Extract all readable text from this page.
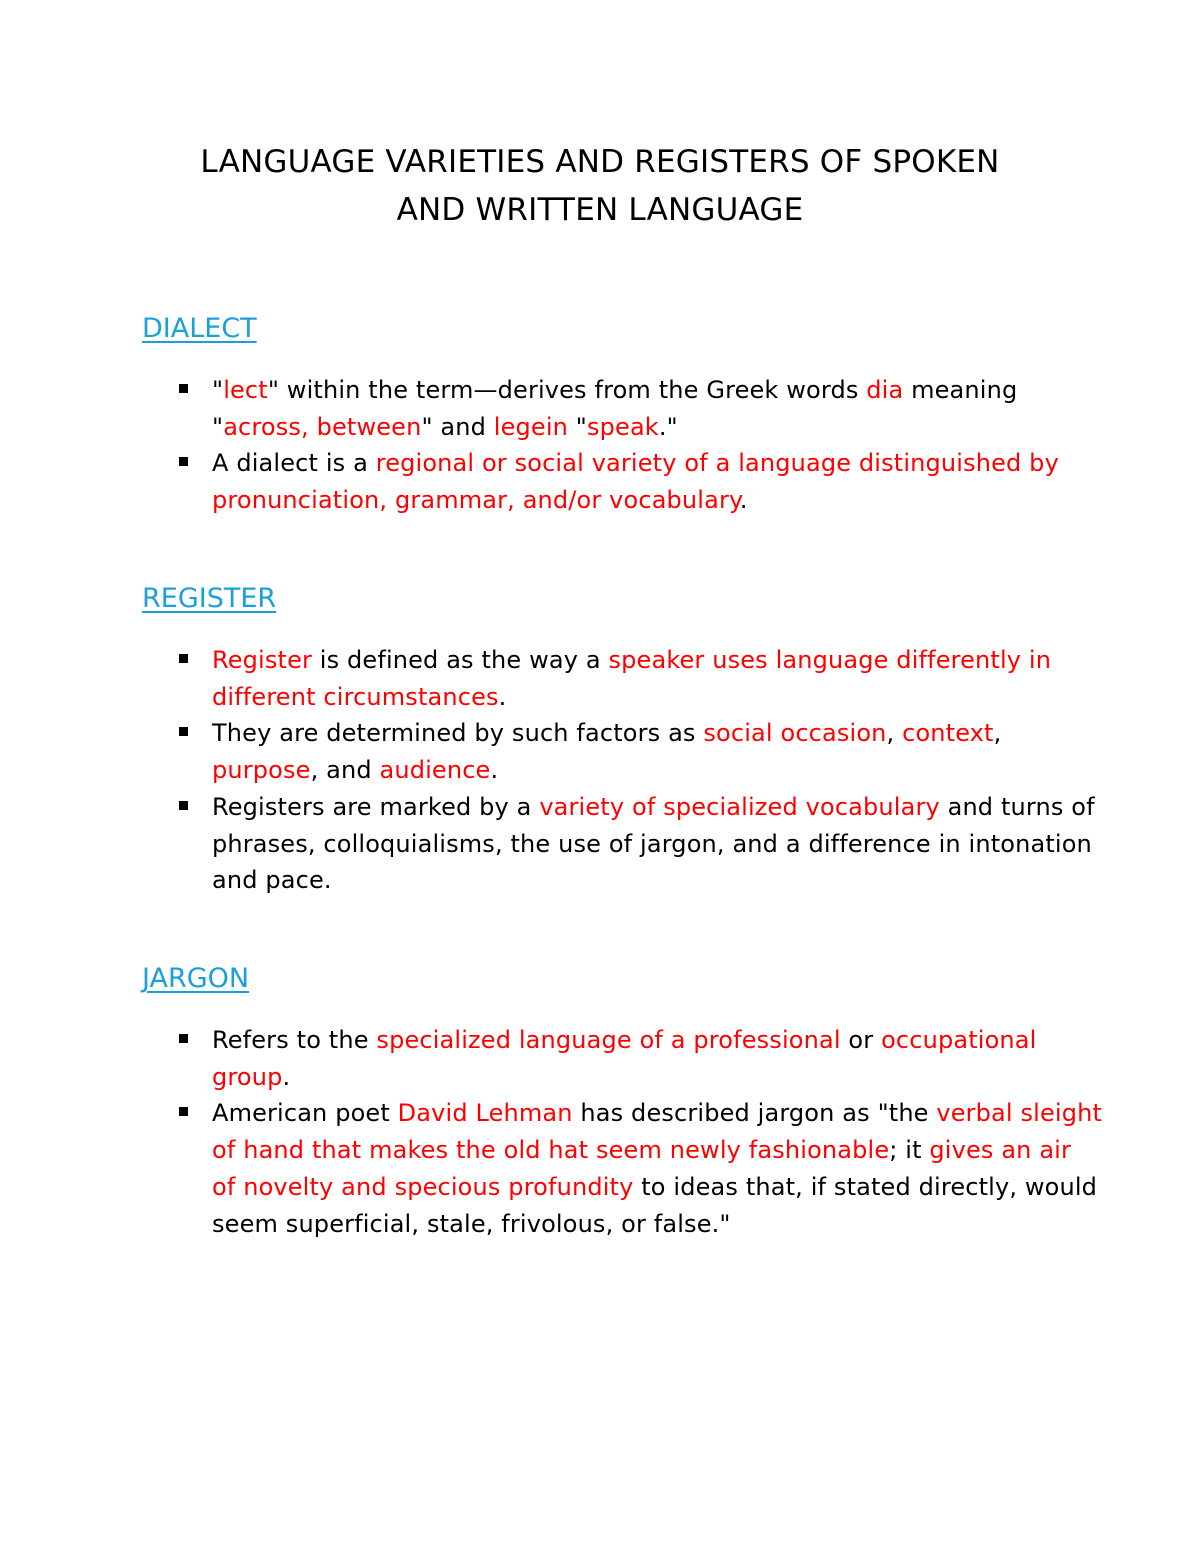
LANGUAGE VARIETIES AND REGISTERS OF SPOKEN
AND WRITTEN LANGUAGE
DIALECT
"lect" within the term—derives from the Greek words dia meaning "across, between" and legein "speak."
A dialect is a regional or social variety of a language distinguished by pronunciation, grammar, and/or vocabulary.
REGISTER
Register is defined as the way a speaker uses language differently in different circumstances.
They are determined by such factors as social occasion, context, purpose, and audience.
Registers are marked by a variety of specialized vocabulary and turns of phrases, colloquialisms, the use of jargon, and a difference in intonation and pace.
JARGON
Refers to the specialized language of a professional or occupational group.
American poet David Lehman has described jargon as "the verbal sleight of hand that makes the old hat seem newly fashionable; it gives an air of novelty and specious profundity to ideas that, if stated directly, would seem superficial, stale, frivolous, or false."
